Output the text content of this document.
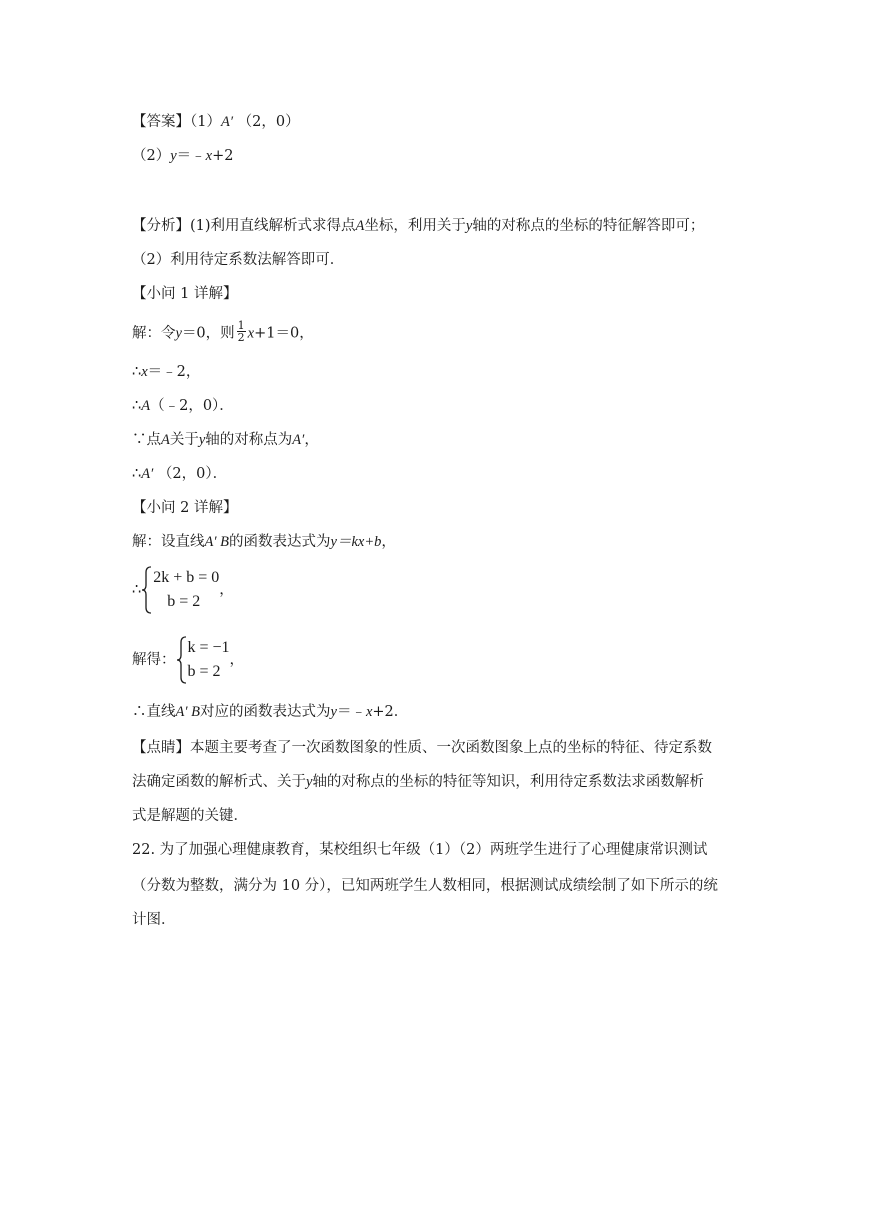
【答案】（1）A′ （2，0）
（2）y＝﹣x+2
【分析】(1)利用直线解析式求得点A坐标，利用关于y轴的对称点的坐标的特征解答即可；
（2）利用待定系数法解答即可．
【小问 1 详解】
解：令y＝0，则 $\frac{1}{2} x+1=0$，
∴x＝﹣2，
∴A（﹣2，0）．
∵点A关于y轴的对称点为A′，
∴A′ （2，0）．
【小问 2 详解】
解：设直线A′ B的函数表达式为y＝kx+b，
∴
2k + b = 0
b = 2
，
解得：
k = −1
b = 2
，
∴直线A′ B对应的函数表达式为y＝﹣x+2．
【点睛】本题主要考查了一次函数图象的性质、一次函数图象上点的坐标的特征、待定系数
法确定函数的解析式、关于y轴的对称点的坐标的特征等知识，利用待定系数法求函数解析
式是解题的关键．
22. 为了加强心理健康教育，某校组织七年级（1）（2）两班学生进行了心理健康常识测试
（分数为整数，满分为 10 分），已知两班学生人数相同，根据测试成绩绘制了如下所示的统
计图．
